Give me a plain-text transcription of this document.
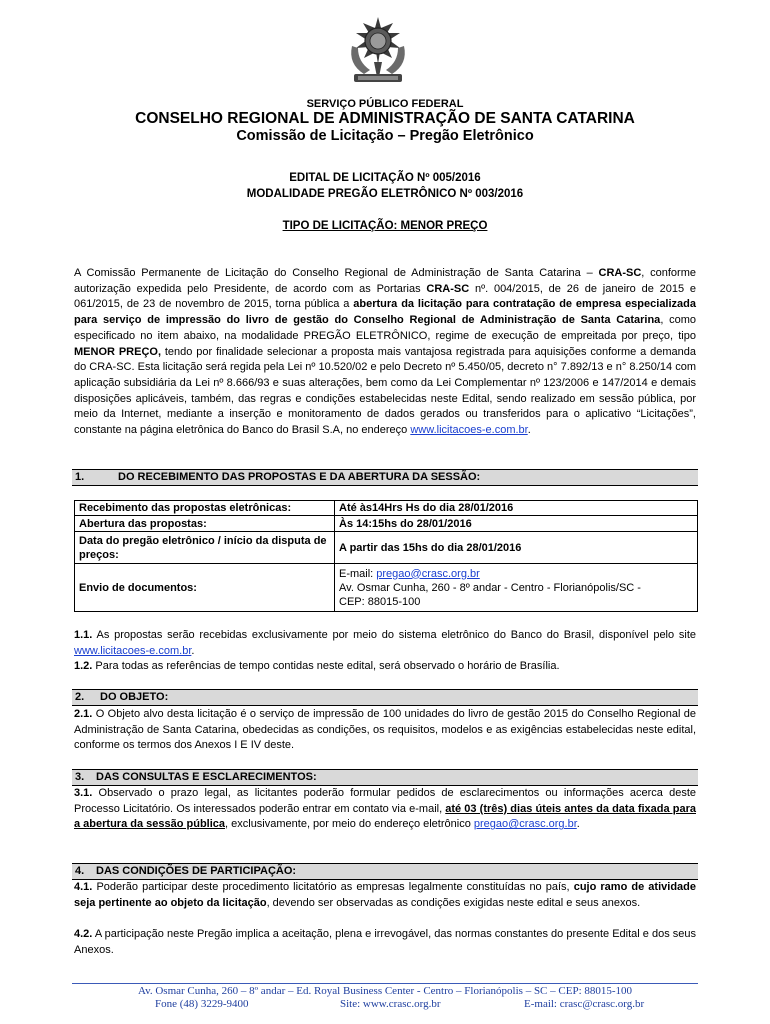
SERVIÇO PÚBLICO FEDERAL
CONSELHO REGIONAL DE ADMINISTRAÇÃO DE SANTA CATARINA
Comissão de Licitação – Pregão Eletrônico
EDITAL DE LICITAÇÃO Nº 005/2016
MODALIDADE PREGÃO ELETRÔNICO Nº 003/2016
TIPO DE LICITAÇÃO: MENOR PREÇO
A Comissão Permanente de Licitação do Conselho Regional de Administração de Santa Catarina – CRA-SC, conforme autorização expedida pelo Presidente, de acordo com as Portarias CRA-SC nº. 004/2015, de 26 de janeiro de 2015 e 061/2015, de 23 de novembro de 2015, torna pública a abertura da licitação para contratação de empresa especializada para serviço de impressão do livro de gestão do Conselho Regional de Administração de Santa Catarina, como especificado no item abaixo, na modalidade PREGÃO ELETRÔNICO, regime de execução de empreitada por preço, tipo MENOR PREÇO, tendo por finalidade selecionar a proposta mais vantajosa registrada para aquisições conforme a demanda do CRA-SC. Esta licitação será regida pela Lei nº 10.520/02 e pelo Decreto nº 5.450/05, decreto n° 7.892/13 e n° 8.250/14 com aplicação subsidiária da Lei nº 8.666/93 e suas alterações, bem como da Lei Complementar nº 123/2006 e 147/2014 e demais disposições aplicáveis, também, das regras e condições estabelecidas neste Edital, sendo realizado em sessão pública, por meio da Internet, mediante a inserção e monitoramento de dados gerados ou transferidos para o aplicativo “Licitações”, constante na página eletrônica do Banco do Brasil S.A, no endereço www.licitacoes-e.com.br.
1.	DO RECEBIMENTO DAS PROPOSTAS E DA ABERTURA DA SESSÃO:
Recebimento das propostas eletrônicas:	Até às14Hrs Hs do dia 28/01/2016
Abertura das propostas:	Às 14:15hs do 28/01/2016
Data do pregão eletrônico / início da disputa de preços:	A partir das 15hs do dia 28/01/2016
Envio de documentos:	E-mail: pregao@crasc.org.br
Av. Osmar Cunha, 260 - 8º andar - Centro - Florianópolis/SC -
CEP: 88015-100
1.1. As propostas serão recebidas exclusivamente por meio do sistema eletrônico do Banco do Brasil, disponível pelo site www.licitacoes-e.com.br.
1.2. Para todas as referências de tempo contidas neste edital, será observado o horário de Brasília.
2. DO OBJETO:
2.1. O Objeto alvo desta licitação é o serviço de impressão de 100 unidades do livro de gestão 2015 do Conselho Regional de Administração de Santa Catarina, obedecidas as condições, os requisitos, modelos e as exigências estabelecidas neste edital, conforme os termos dos Anexos I E IV deste.
3. DAS CONSULTAS E ESCLARECIMENTOS:
3.1. Observado o prazo legal, as licitantes poderão formular pedidos de esclarecimentos ou informações acerca deste Processo Licitatório. Os interessados poderão entrar em contato via e-mail, até 03 (três) dias úteis antes da data fixada para a abertura da sessão pública, exclusivamente, por meio do endereço eletrônico pregao@crasc.org.br.
4. DAS CONDIÇÕES DE PARTICIPAÇÃO:
4.1. Poderão participar deste procedimento licitatório as empresas legalmente constituídas no país, cujo ramo de atividade seja pertinente ao objeto da licitação, devendo ser observadas as condições exigidas neste edital e seus anexos.
4.2. A participação neste Pregão implica a aceitação, plena e irrevogável, das normas constantes do presente Edital e dos seus Anexos.
Av. Osmar Cunha, 260 – 8º andar – Ed. Royal Business Center - Centro – Florianópolis – SC – CEP: 88015-100
Fone (48) 3229-9400	Site: www.crasc.org.br	E-mail: crasc@crasc.org.br
